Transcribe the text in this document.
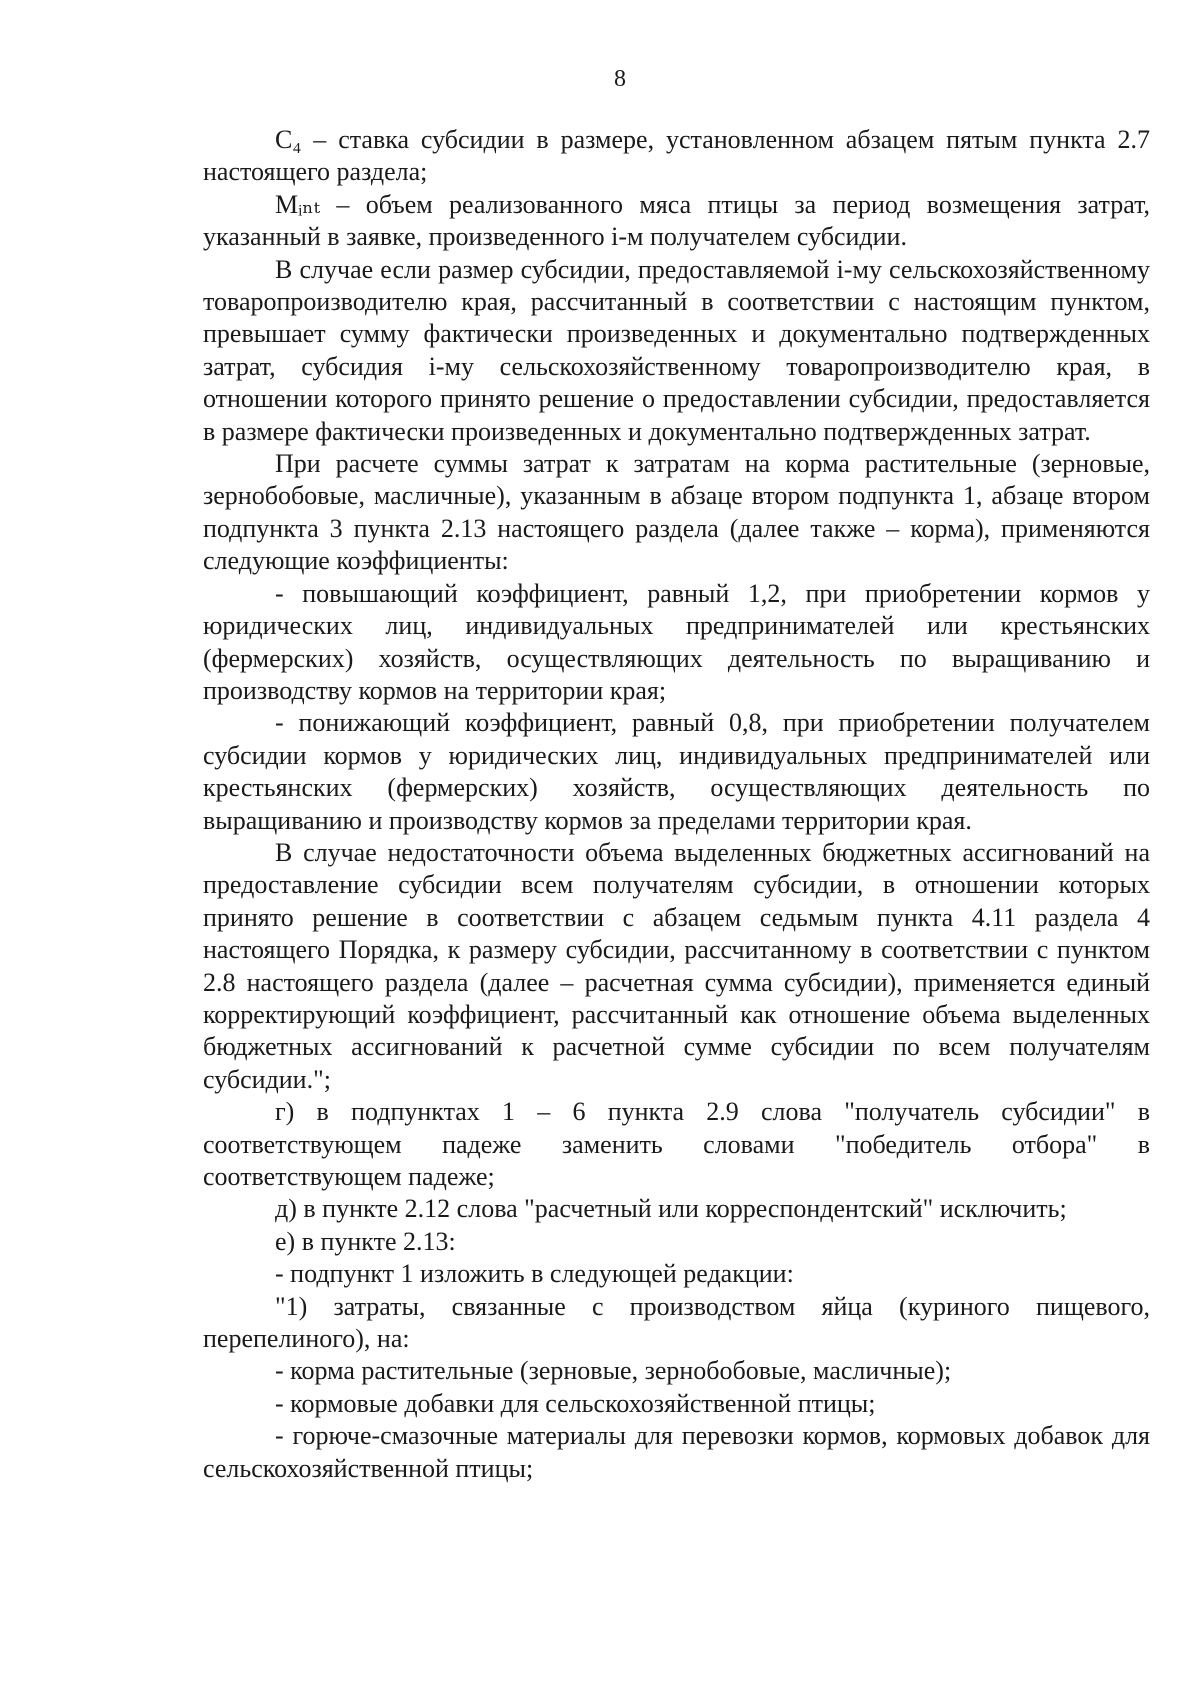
8

C₄ – ставка субсидии в размере, установленном абзацем пятым пункта 2.7 настоящего раздела;

Mᵢₙₜ – объем реализованного мяса птицы за период возмещения затрат, указанный в заявке, произведенного i-м получателем субсидии.

В случае если размер субсидии, предоставляемой i-му сельскохозяйственному товаропроизводителю края, рассчитанный в соответствии с настоящим пунктом, превышает сумму фактически произведенных и документально подтвержденных затрат, субсидия i-му сельскохозяйственному товаропроизводителю края, в отношении которого принято решение о предоставлении субсидии, предоставляется в размере фактически произведенных и документально подтвержденных затрат.

При расчете суммы затрат к затратам на корма растительные (зерновые, зернобобовые, масличные), указанным в абзаце втором подпункта 1, абзаце втором подпункта 3 пункта 2.13 настоящего раздела (далее также – корма), применяются следующие коэффициенты:

- повышающий коэффициент, равный 1,2, при приобретении кормов у юридических лиц, индивидуальных предпринимателей или крестьянских (фермерских) хозяйств, осуществляющих деятельность по выращиванию и производству кормов на территории края;

- понижающий коэффициент, равный 0,8, при приобретении получателем субсидии кормов у юридических лиц, индивидуальных предпринимателей или крестьянских (фермерских) хозяйств, осуществляющих деятельность по выращиванию и производству кормов за пределами территории края.

В случае недостаточности объема выделенных бюджетных ассигнований на предоставление субсидии всем получателям субсидии, в отношении которых принято решение в соответствии с абзацем седьмым пункта 4.11 раздела 4 настоящего Порядка, к размеру субсидии, рассчитанному в соответствии с пунктом 2.8 настоящего раздела (далее – расчетная сумма субсидии), применяется единый корректирующий коэффициент, рассчитанный как отношение объема выделенных бюджетных ассигнований к расчетной сумме субсидии по всем получателям субсидии.";

г) в подпунктах 1 – 6 пункта 2.9 слова "получатель субсидии" в соответствующем падеже заменить словами "победитель отбора" в соответствующем падеже;

д) в пункте 2.12 слова "расчетный или корреспондентский" исключить;

е) в пункте 2.13:

- подпункт 1 изложить в следующей редакции:

"1) затраты, связанные с производством яйца (куриного пищевого, перепелиного), на:

- корма растительные (зерновые, зернобобовые, масличные);

- кормовые добавки для сельскохозяйственной птицы;

- горюче-смазочные материалы для перевозки кормов, кормовых добавок для сельскохозяйственной птицы;
